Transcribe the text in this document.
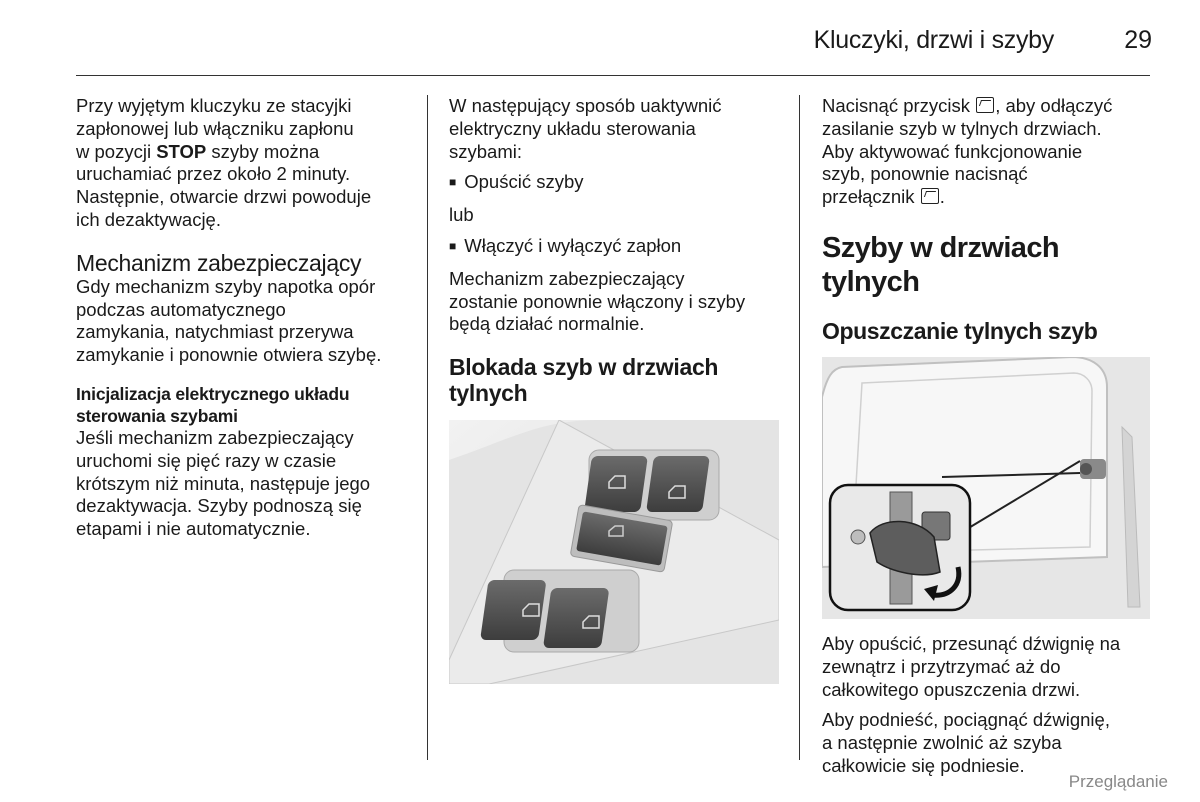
Kluczyki, drzwi i szyby	29

Przy wyjętym kluczyku ze stacyjki
zapłonowej lub włączniku zapłonu
w pozycji STOP szyby można
uruchamiać przez około 2 minuty.
Następnie, otwarcie drzwi powoduje
ich dezaktywację.

Mechanizm zabezpieczający

Gdy mechanizm szyby napotka opór
podczas automatycznego
zamykania, natychmiast przerywa
zamykanie i ponownie otwiera szybę.

Inicjalizacja elektrycznego układu
sterowania szybami

Jeśli mechanizm zabezpieczający
uruchomi się pięć razy w czasie
krótszym niż minuta, następuje jego
dezaktywacja. Szyby podnoszą się
etapami i nie automatycznie.

W następujący sposób uaktywnić
elektryczny układu sterowania
szybami:

■ Opuścić szyby

lub

■ Włączyć i wyłączyć zapłon

Mechanizm zabezpieczający
zostanie ponownie włączony i szyby
będą działać normalnie.

Blokada szyb w drzwiach
tylnych

Nacisnąć przycisk , aby odłączyć
zasilanie szyb w tylnych drzwiach.
Aby aktywować funkcjonowanie
szyb, ponownie nacisnąć
przełącznik .

Szyby w drzwiach tylnych
Opuszczanie tylnych szyb

Aby opuścić, przesunąć dźwignię na
zewnątrz i przytrzymać aż do
całkowitego opuszczenia drzwi.

Aby podnieść, pociągnąć dźwignię,
a następnie zwolnić aż szyba
całkowicie się podniesie.

Przeglądanie
